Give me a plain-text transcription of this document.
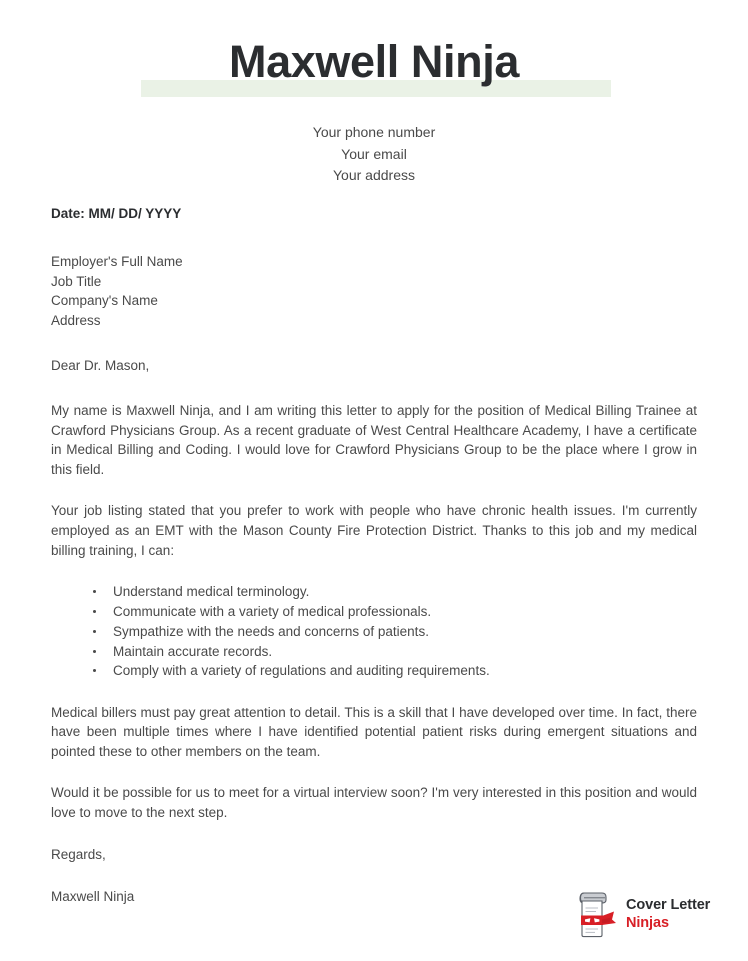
Maxwell Ninja
Your phone number
Your email
Your address
Date: MM/ DD/ YYYY
Employer's Full Name
Job Title
Company's Name
Address
Dear Dr. Mason,

My name is Maxwell Ninja, and I am writing this letter to apply for the position of Medical Billing Trainee at Crawford Physicians Group. As a recent graduate of West Central Healthcare Academy, I have a certificate in Medical Billing and Coding. I would love for Crawford Physicians Group to be the place where I grow in this field.

Your job listing stated that you prefer to work with people who have chronic health issues. I'm currently employed as an EMT with the Mason County Fire Protection District. Thanks to this job and my medical billing training, I can:

Understand medical terminology.
Communicate with a variety of medical professionals.
Sympathize with the needs and concerns of patients.
Maintain accurate records.
Comply with a variety of regulations and auditing requirements.

Medical billers must pay great attention to detail. This is a skill that I have developed over time. In fact, there have been multiple times where I have identified potential patient risks during emergent situations and pointed these to other members on the team.

Would it be possible for us to meet for a virtual interview soon? I'm very interested in this position and would love to move to the next step.

Regards,
Maxwell Ninja
Cover Letter
Ninjas
